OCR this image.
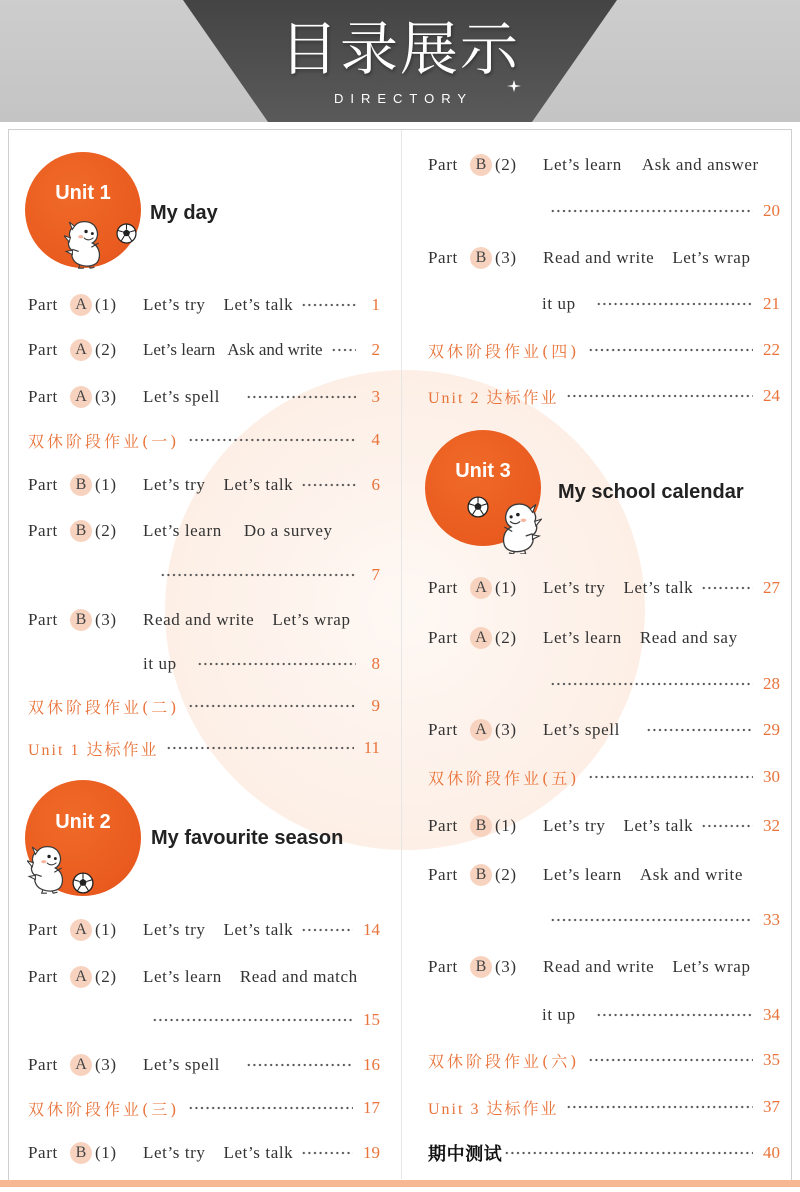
目录展示
DIRECTORY
Unit 1
My day
Part	A (1)	Let’s try Let’s talk	1
Part	A (2)	Let’s learn Ask and write	2
Part	A (3)	Let’s spell	3
双休阶段作业(一)	4
Part	B (1)	Let’s try Let’s talk	6
Part	B (2)	Let’s learn Do a survey
7
Part	B (3)	Read and write Let’s wrap
it up	8
双休阶段作业(二)	9
Unit 1 达标作业	11
Unit 2
My favourite season
Part	A (1)	Let’s try Let’s talk	14
Part	A (2)	Let’s learn Read and match
15
Part	A (3)	Let’s spell	16
双休阶段作业(三)	17
Part	B (1)	Let’s try Let’s talk	19
Part	B (2)	Let’s learn Ask and answer
20
Part	B (3)	Read and write Let’s wrap
it up	21
双休阶段作业(四)	22
Unit 2 达标作业	24
Unit 3
My school calendar
Part	A (1)	Let’s try Let’s talk	27
Part	A (2)	Let’s learn Read and say
28
Part	A (3)	Let’s spell	29
双休阶段作业(五)	30
Part	B (1)	Let’s try Let’s talk	32
Part	B (2)	Let’s learn Ask and write
33
Part	B (3)	Read and write Let’s wrap
it up	34
双休阶段作业(六)	35
Unit 3 达标作业	37
期中测试	40
